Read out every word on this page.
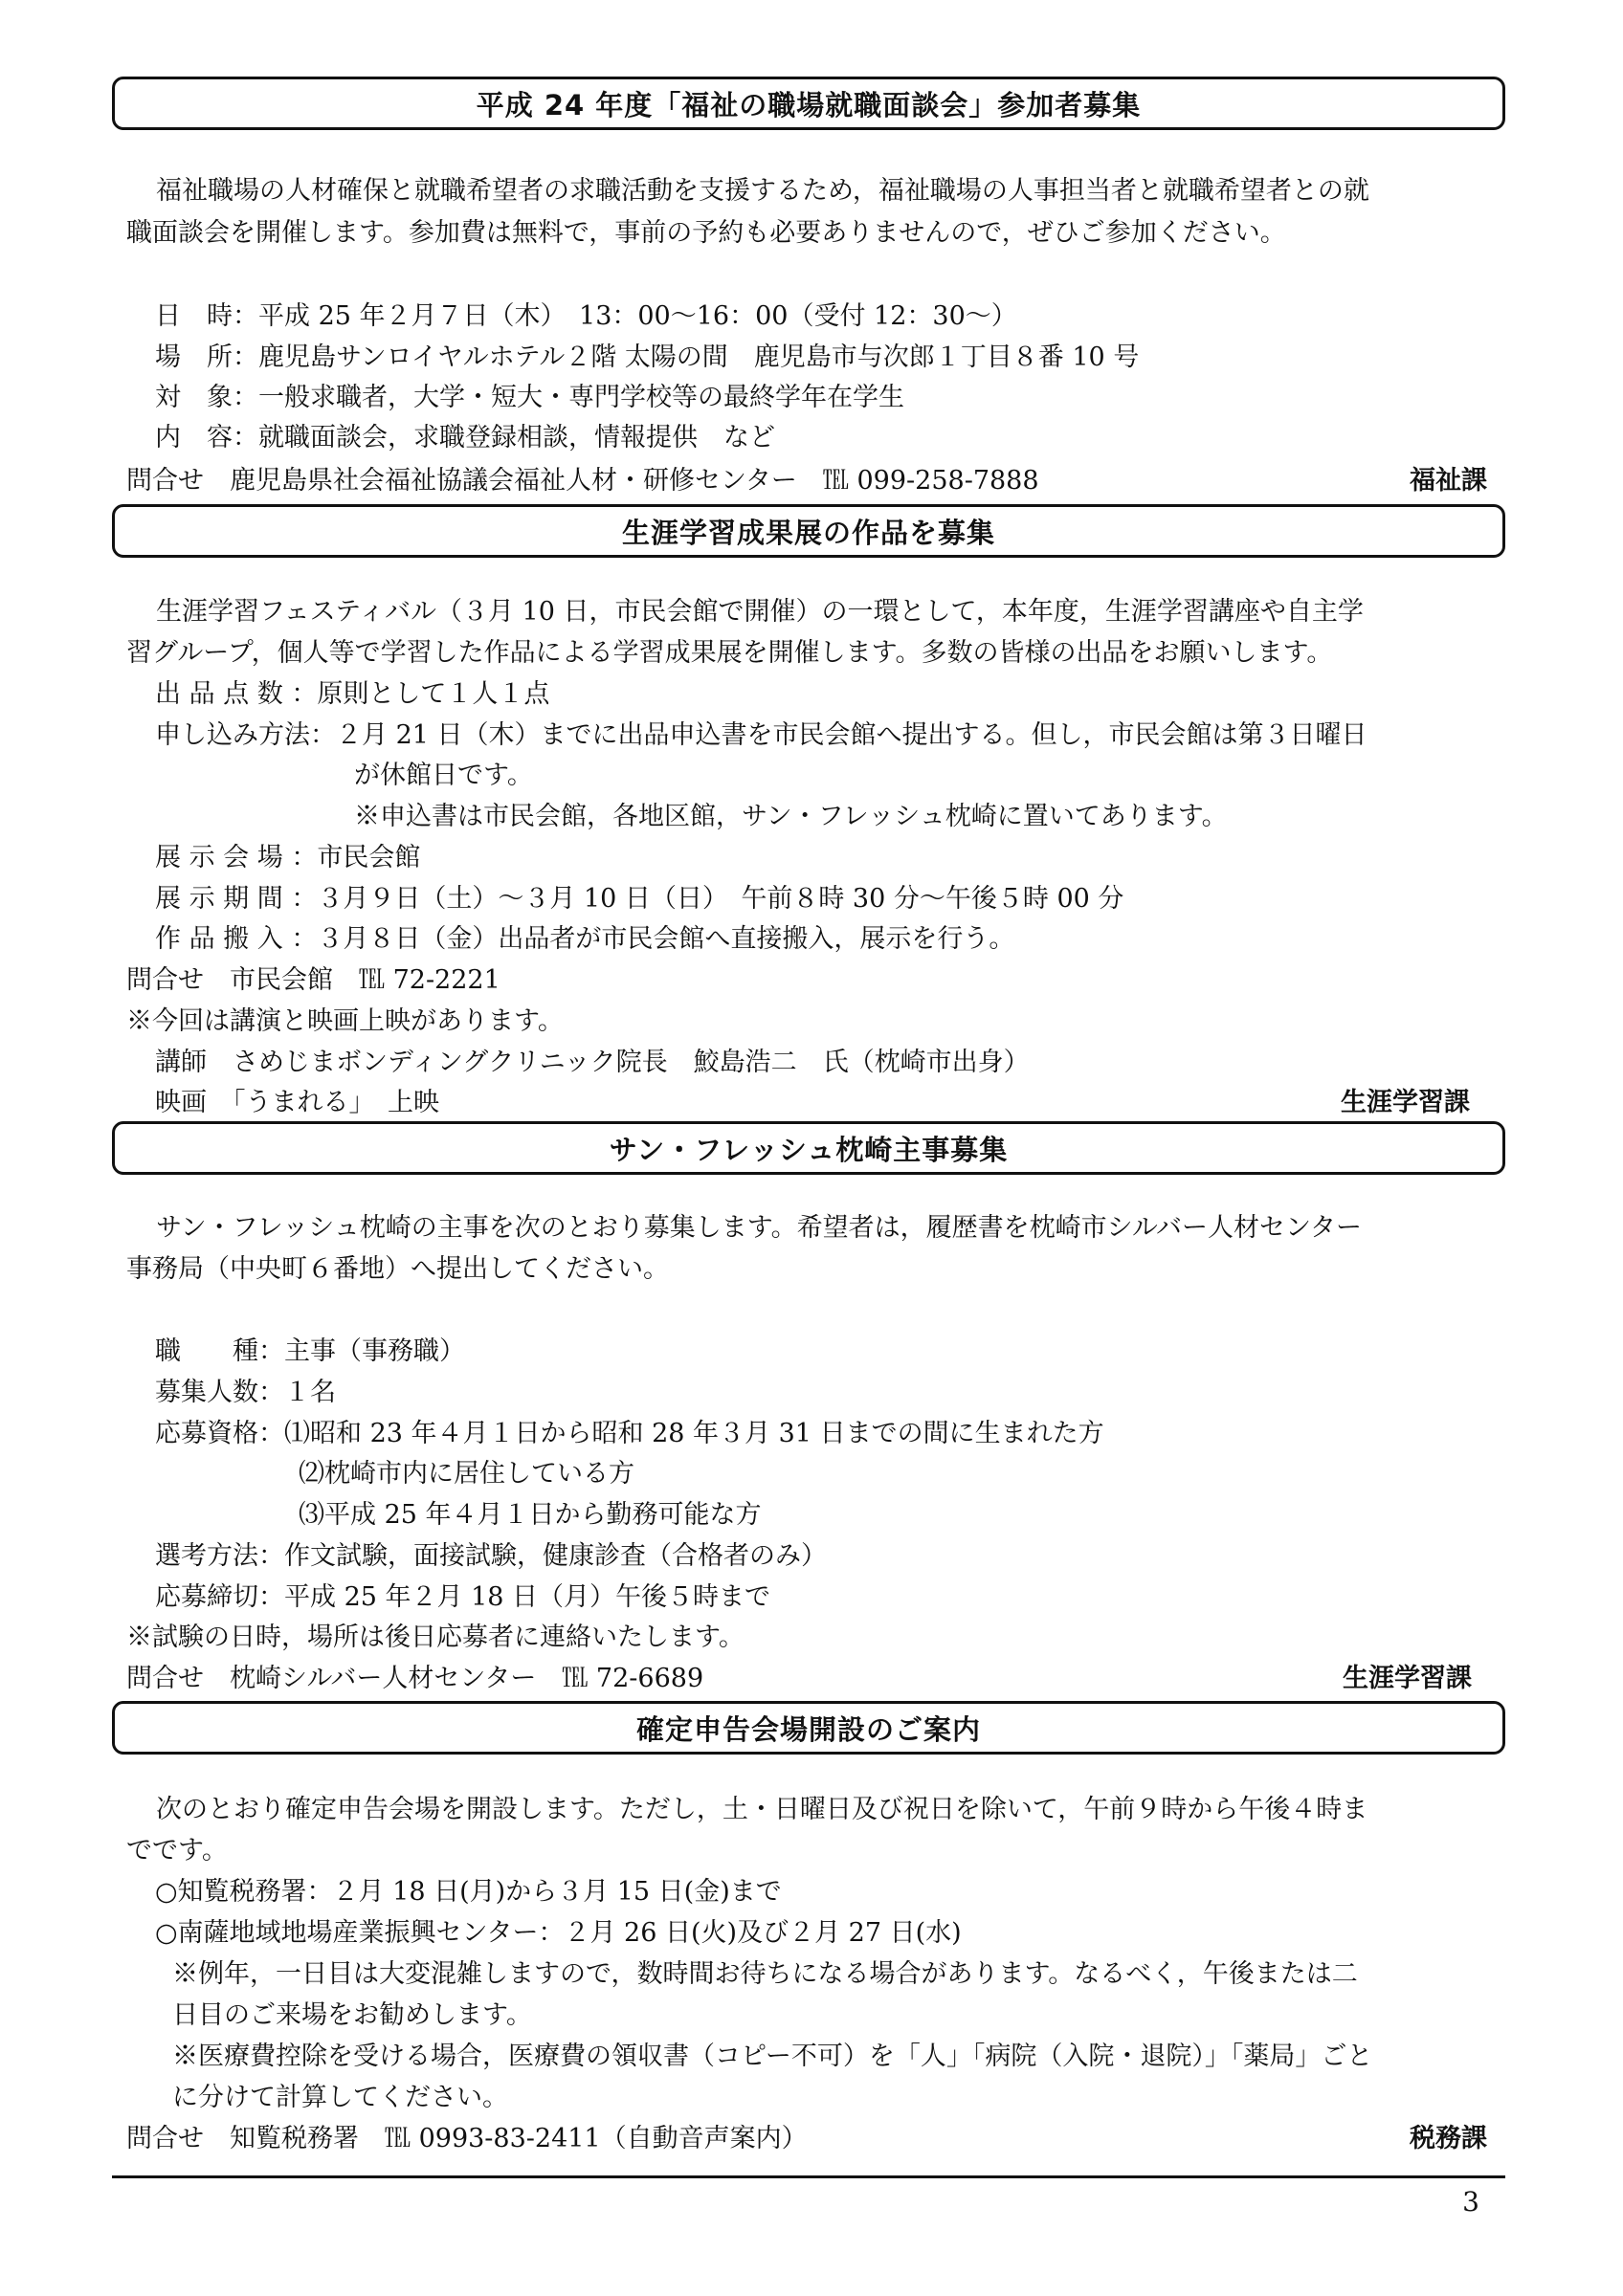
平成 24 年度「福祉の職場就職面談会」参加者募集
福祉職場の人材確保と就職希望者の求職活動を支援するため，福祉職場の人事担当者と就職希望者との就
職面談会を開催します。参加費は無料で，事前の予約も必要ありませんので，ぜひご参加ください。
日　時：平成 25 年２月７日（木）　13：00～16：00（受付 12：30～）
場　所：鹿児島サンロイヤルホテル２階 太陽の間　鹿児島市与次郎１丁目８番 10 号
対　象：一般求職者，大学・短大・専門学校等の最終学年在学生
内　容：就職面談会，求職登録相談，情報提供　など
問合せ　鹿児島県社会福祉協議会福祉人材・研修センター　℡ 099-258-7888	福祉課
生涯学習成果展の作品を募集
生涯学習フェスティバル（３月 10 日，市民会館で開催）の一環として，本年度，生涯学習講座や自主学
習グループ，個人等で学習した作品による学習成果展を開催します。多数の皆様の出品をお願いします。
出 品 点 数 ：原則として１人１点
申し込み方法：２月 21 日（木）までに出品申込書を市民会館へ提出する。但し，市民会館は第３日曜日
が休館日です。
※申込書は市民会館，各地区館，サン・フレッシュ枕崎に置いてあります。
展 示 会 場 ：市民会館
展 示 期 間 ：３月９日（土）～３月 10 日（日）　午前８時 30 分～午後５時 00 分
作 品 搬 入 ：３月８日（金）出品者が市民会館へ直接搬入，展示を行う。
問合せ　市民会館　℡ 72-2221
※今回は講演と映画上映があります。
講師　さめじまボンディングクリニック院長　鮫島浩二　氏（枕崎市出身）
映画　「うまれる」　上映	生涯学習課
サン・フレッシュ枕崎主事募集
サン・フレッシュ枕崎の主事を次のとおり募集します。希望者は，履歴書を枕崎市シルバー人材センター
事務局（中央町６番地）へ提出してください。
職　　種：主事（事務職）
募集人数：１名
応募資格：⑴昭和 23 年４月１日から昭和 28 年３月 31 日までの間に生まれた方
⑵枕崎市内に居住している方
⑶平成 25 年４月１日から勤務可能な方
選考方法：作文試験，面接試験，健康診査（合格者のみ）
応募締切：平成 25 年２月 18 日（月）午後５時まで
※試験の日時，場所は後日応募者に連絡いたします。
問合せ　枕崎シルバー人材センター　℡ 72-6689	生涯学習課
確定申告会場開設のご案内
次のとおり確定申告会場を開設します。ただし，土・日曜日及び祝日を除いて，午前９時から午後４時ま
でです。
○知覧税務署：２月 18 日(月)から３月 15 日(金)まで
○南薩地域地場産業振興センター：２月 26 日(火)及び２月 27 日(水)
※例年，一日目は大変混雑しますので，数時間お待ちになる場合があります。なるべく，午後または二
日目のご来場をお勧めします。
※医療費控除を受ける場合，医療費の領収書（コピー不可）を「人」「病院（入院・退院）」「薬局」ごと
に分けて計算してください。
問合せ　知覧税務署　℡ 0993-83-2411（自動音声案内）	税務課
3
